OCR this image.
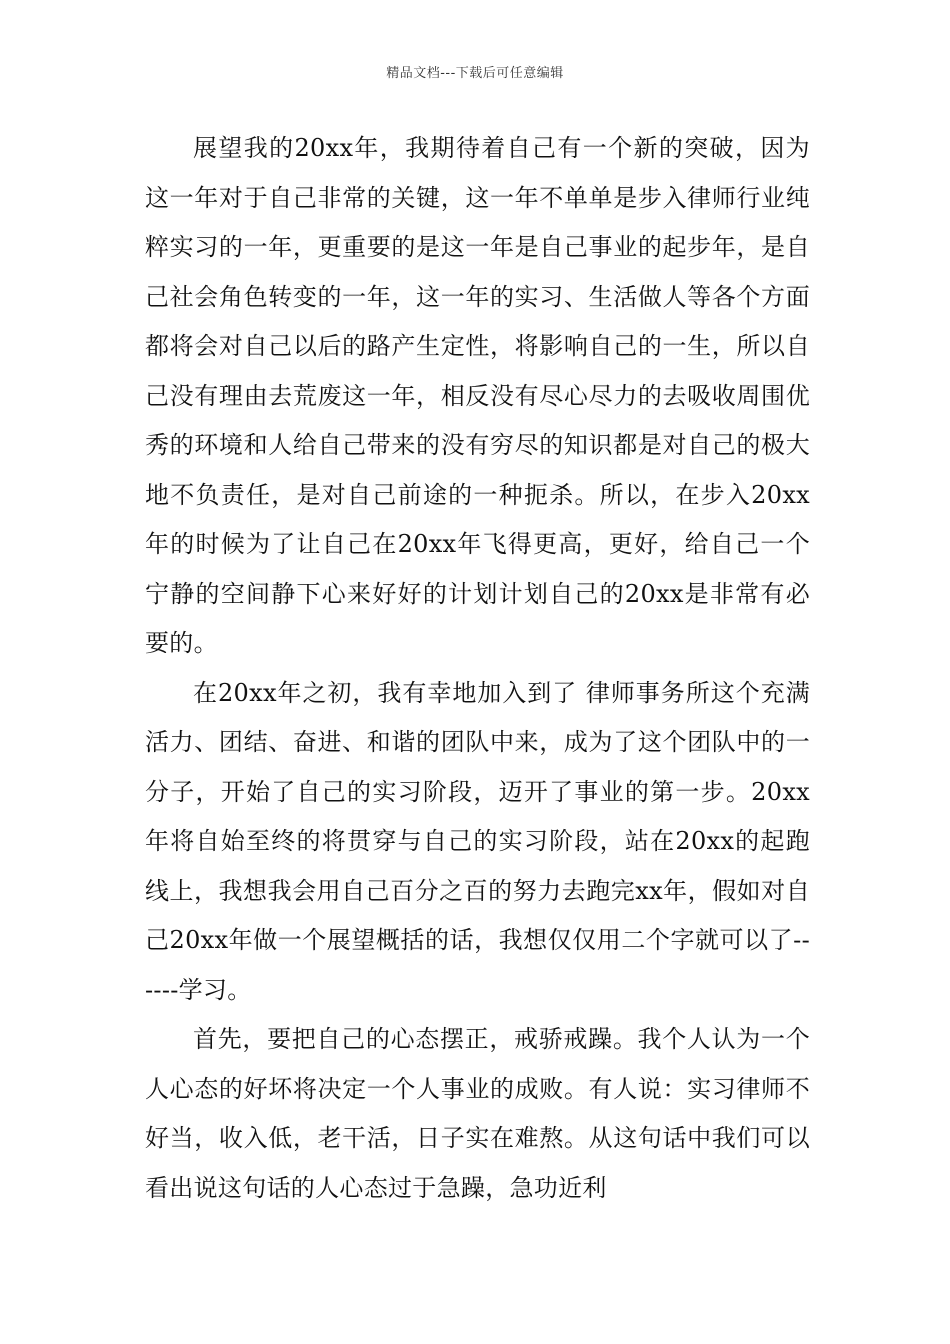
精品文档---下载后可任意编辑

展望我的20xx年，我期待着自己有一个新的突破，因为这一年对于自己非常的关键，这一年不单单是步入律师行业纯粹实习的一年，更重要的是这一年是自己事业的起步年，是自己社会角色转变的一年，这一年的实习、生活做人等各个方面都将会对自己以后的路产生定性，将影响自己的一生，所以自己没有理由去荒废这一年，相反没有尽心尽力的去吸收周围优秀的环境和人给自己带来的没有穷尽的知识都是对自己的极大地不负责任，是对自己前途的一种扼杀。所以，在步入20xx年的时候为了让自己在20xx年飞得更高，更好，给自己一个宁静的空间静下心来好好的计划计划自己的20xx是非常有必要的。

在20xx年之初，我有幸地加入到了 律师事务所这个充满活力、团结、奋进、和谐的团队中来，成为了这个团队中的一分子，开始了自己的实习阶段，迈开了事业的第一步。20xx年将自始至终的将贯穿与自己的实习阶段，站在20xx的起跑线上，我想我会用自己百分之百的努力去跑完xx年，假如对自己20xx年做一个展望概括的话，我想仅仅用二个字就可以了------学习。

首先，要把自己的心态摆正，戒骄戒躁。我个人认为一个人心态的好坏将决定一个人事业的成败。有人说：实习律师不好当，收入低，老干活，日子实在难熬。从这句话中我们可以看出说这句话的人心态过于急躁，急功近利
